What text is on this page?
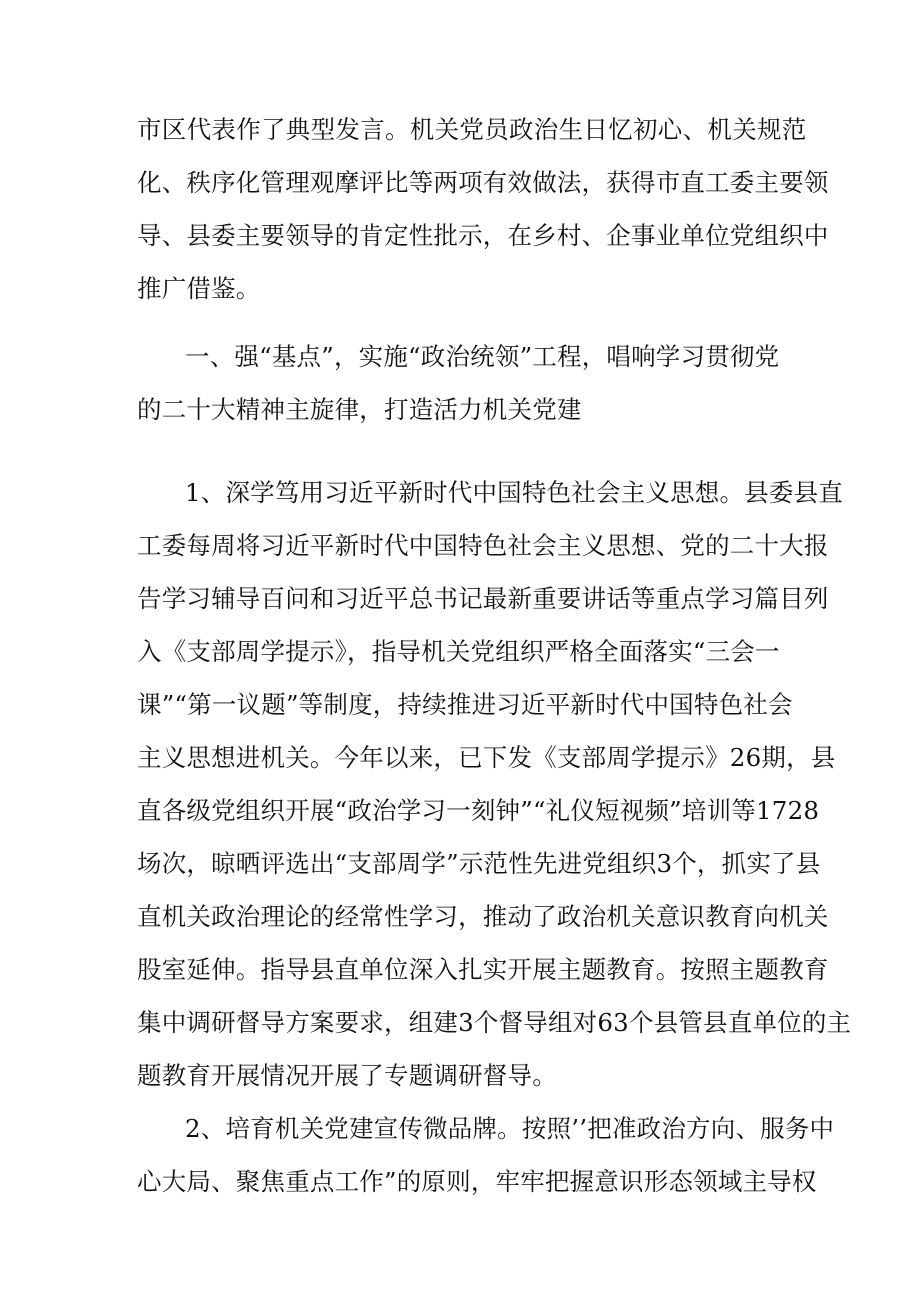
市区代表作了典型发言。机关党员政治生日忆初心、机关规范
化、秩序化管理观摩评比等两项有效做法，获得市直工委主要领
导、县委主要领导的肯定性批示，在乡村、企事业单位党组织中
推广借鉴。
一、强“基点”，实施“政治统领”工程，唱响学习贯彻党
的二十大精神主旋律，打造活力机关党建
1、深学笃用习近平新时代中国特色社会主义思想。县委县直
工委每周将习近平新时代中国特色社会主义思想、党的二十大报
告学习辅导百问和习近平总书记最新重要讲话等重点学习篇目列
入《支部周学提示》，指导机关党组织严格全面落实“三会一
课”“第一议题”等制度，持续推进习近平新时代中国特色社会
主义思想进机关。今年以来，已下发《支部周学提示》26期，县
直各级党组织开展“政治学习一刻钟”“礼仪短视频”培训等1728
场次，晾晒评选出“支部周学”示范性先进党组织3个，抓实了县
直机关政治理论的经常性学习，推动了政治机关意识教育向机关
股室延伸。指导县直单位深入扎实开展主题教育。按照主题教育
集中调研督导方案要求，组建3个督导组对63个县管县直单位的主
题教育开展情况开展了专题调研督导。
2、培育机关党建宣传微品牌。按照’’把准政治方向、服务中
心大局、聚焦重点工作”的原则，牢牢把握意识形态领域主导权
